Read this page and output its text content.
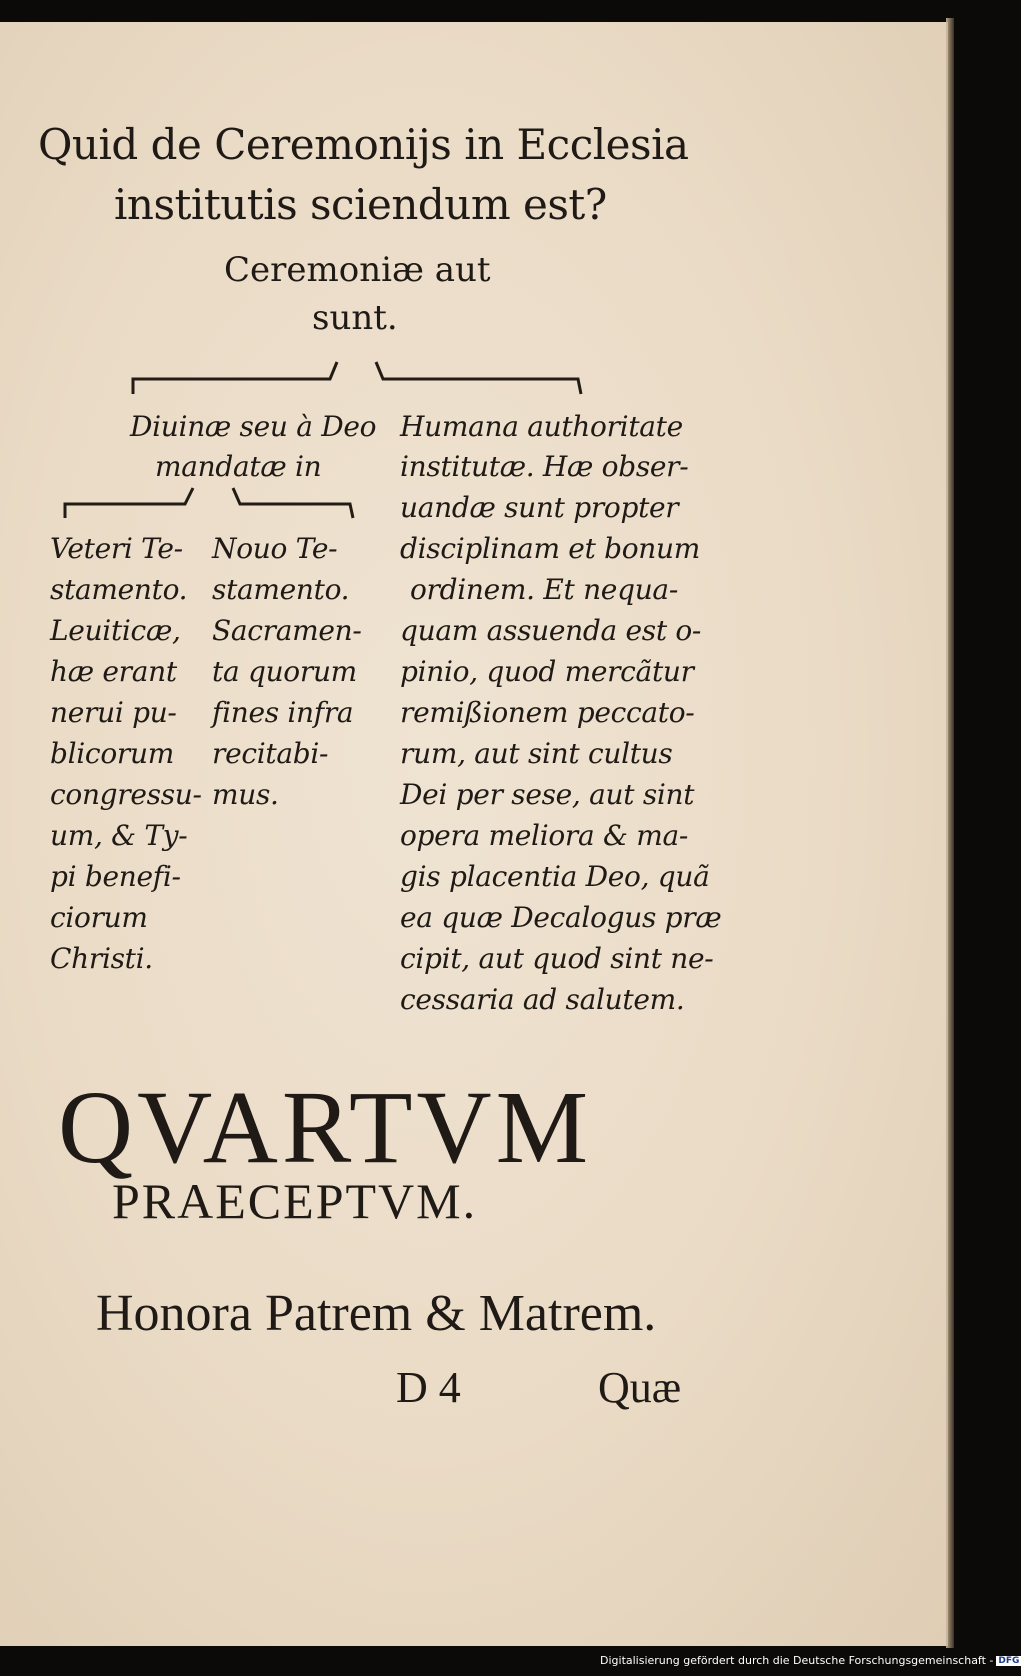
Quid de Ceremonijs in Ecclesia
institutis sciendum est?
Ceremoniæ aut
sunt.
Diuinæ seu à Deo
mandatæ in
Veteri Te-
stamento.
Leuiticæ,
hæ erant
nerui pu-
blicorum
congressu-
um, & Ty-
pi benefi-
ciorum
Christi.
Nouo Te-
stamento.
Sacramen-
ta quorum
fines infra
recitabi-
mus.
Humana authoritate
institutæ. Hæ obser-
uandæ sunt propter
disciplinam et bonum
ordinem. Et nequa-
quam assuenda est o-
pinio, quod mercãtur
remißionem peccato-
rum, aut sint cultus
Dei per sese, aut sint
opera meliora & ma-
gis placentia Deo, quã
ea quæ Decalogus præ
cipit, aut quod sint ne-
cessaria ad salutem.
QVARTVM
PRAECEPTVM.
Honora Patrem & Matrem.
D 4	Quæ
Digitalisierung gefördert durch die Deutsche Forschungsgemeinschaft - DFG
